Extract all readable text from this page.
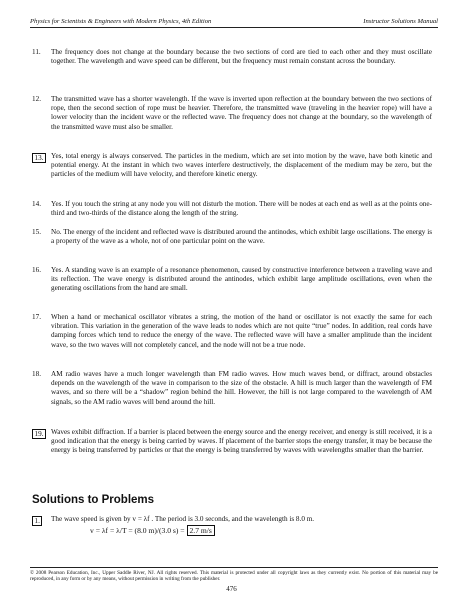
Physics for Scientists & Engineers with Modern Physics, 4th Edition	Instructor Solutions Manual
11.	The frequency does not change at the boundary because the two sections of cord are tied to each other and they must oscillate together. The wavelength and wave speed can be different, but the frequency must remain constant across the boundary.
12.	The transmitted wave has a shorter wavelength. If the wave is inverted upon reflection at the boundary between the two sections of rope, then the second section of rope must be heavier. Therefore, the transmitted wave (traveling in the heavier rope) will have a lower velocity than the incident wave or the reflected wave. The frequency does not change at the boundary, so the wavelength of the transmitted wave must also be smaller.
13.	Yes, total energy is always conserved. The particles in the medium, which are set into motion by the wave, have both kinetic and potential energy. At the instant in which two waves interfere destructively, the displacement of the medium may be zero, but the particles of the medium will have velocity, and therefore kinetic energy.
14.	Yes. If you touch the string at any node you will not disturb the motion. There will be nodes at each end as well as at the points one-third and two-thirds of the distance along the length of the string.
15.	No. The energy of the incident and reflected wave is distributed around the antinodes, which exhibit large oscillations. The energy is a property of the wave as a whole, not of one particular point on the wave.
16.	Yes. A standing wave is an example of a resonance phenomenon, caused by constructive interference between a traveling wave and its reflection. The wave energy is distributed around the antinodes, which exhibit large amplitude oscillations, even when the generating oscillations from the hand are small.
17.	When a hand or mechanical oscillator vibrates a string, the motion of the hand or oscillator is not exactly the same for each vibration. This variation in the generation of the wave leads to nodes which are not quite “true” nodes. In addition, real cords have damping forces which tend to reduce the energy of the wave. The reflected wave will have a smaller amplitude than the incident wave, so the two waves will not completely cancel, and the node will not be a true node.
18.	AM radio waves have a much longer wavelength than FM radio waves. How much waves bend, or diffract, around obstacles depends on the wavelength of the wave in comparison to the size of the obstacle. A hill is much larger than the wavelength of FM waves, and so there will be a “shadow” region behind the hill. However, the hill is not large compared to the wavelength of AM signals, so the AM radio waves will bend around the hill.
19.	Waves exhibit diffraction. If a barrier is placed between the energy source and the energy receiver, and energy is still received, it is a good indication that the energy is being carried by waves. If placement of the barrier stops the energy transfer, it may be because the energy is being transferred by particles or that the energy is being transferred by waves with wavelengths smaller than the barrier.
Solutions to Problems
1.	The wave speed is given by v = λf . The period is 3.0 seconds, and the wavelength is 8.0 m.
v = λf = λ/T = (8.0 m)/(3.0 s) = 2.7 m/s
© 2008 Pearson Education, Inc., Upper Saddle River, NJ. All rights reserved. This material is protected under all copyright laws as they currently exist. No portion of this material may be reproduced, in any form or by any means, without permission in writing from the publisher.
476
